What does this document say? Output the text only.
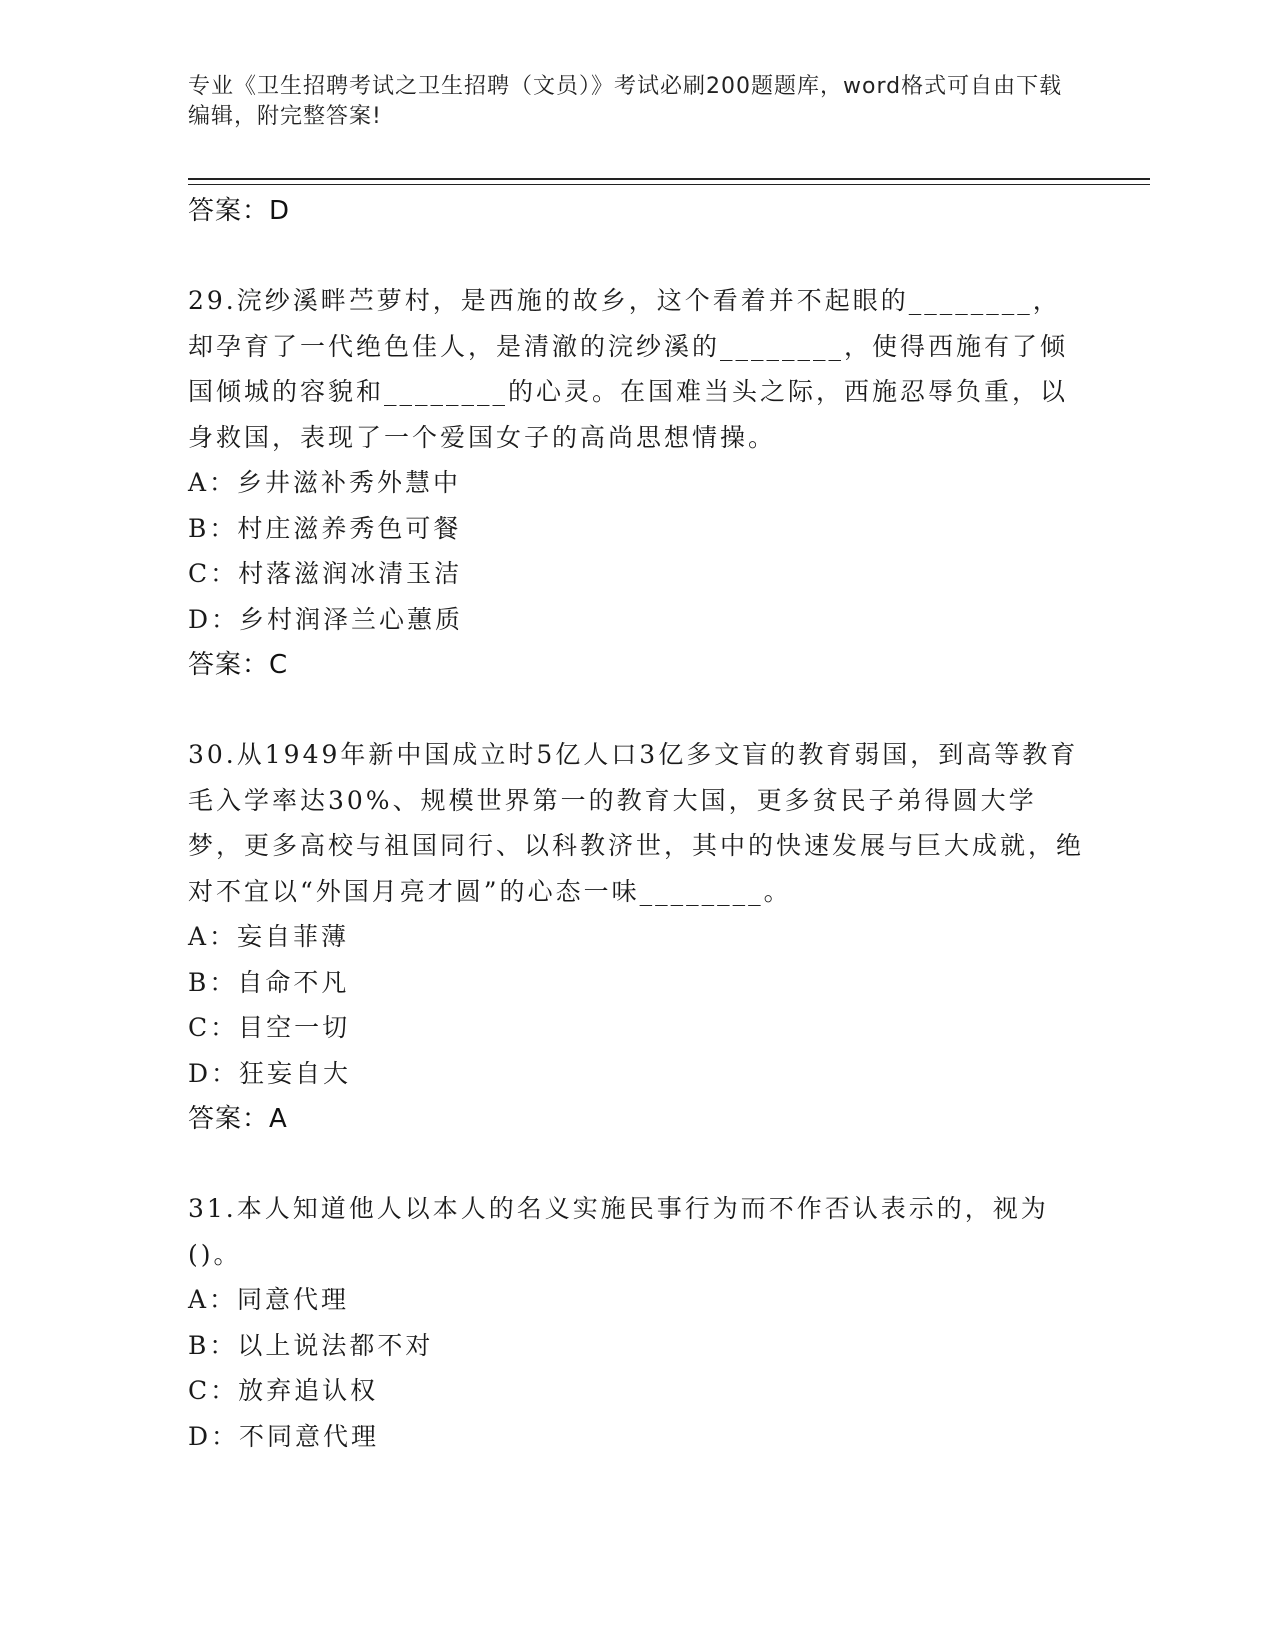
专业《卫生招聘考试之卫生招聘（文员）》考试必刷200题题库，word格式可自由下载编辑，附完整答案!
答案：D

29.浣纱溪畔苎萝村，是西施的故乡，这个看着并不起眼的________，却孕育了一代绝色佳人，是清澈的浣纱溪的________，使得西施有了倾国倾城的容貌和________的心灵。在国难当头之际，西施忍辱负重，以身救国，表现了一个爱国女子的高尚思想情操。

A：乡井滋补秀外慧中
B：村庄滋养秀色可餐
C：村落滋润冰清玉洁
D：乡村润泽兰心蕙质
答案：C

30.从1949年新中国成立时5亿人口3亿多文盲的教育弱国，到高等教育毛入学率达30%、规模世界第一的教育大国，更多贫民子弟得圆大学梦，更多高校与祖国同行、以科教济世，其中的快速发展与巨大成就，绝对不宜以“外国月亮才圆”的心态一味________。

A：妄自菲薄
B：自命不凡
C：目空一切
D：狂妄自大
答案：A

31.本人知道他人以本人的名义实施民事行为而不作否认表示的，视为()。

A：同意代理
B：以上说法都不对
C：放弃追认权
D：不同意代理
